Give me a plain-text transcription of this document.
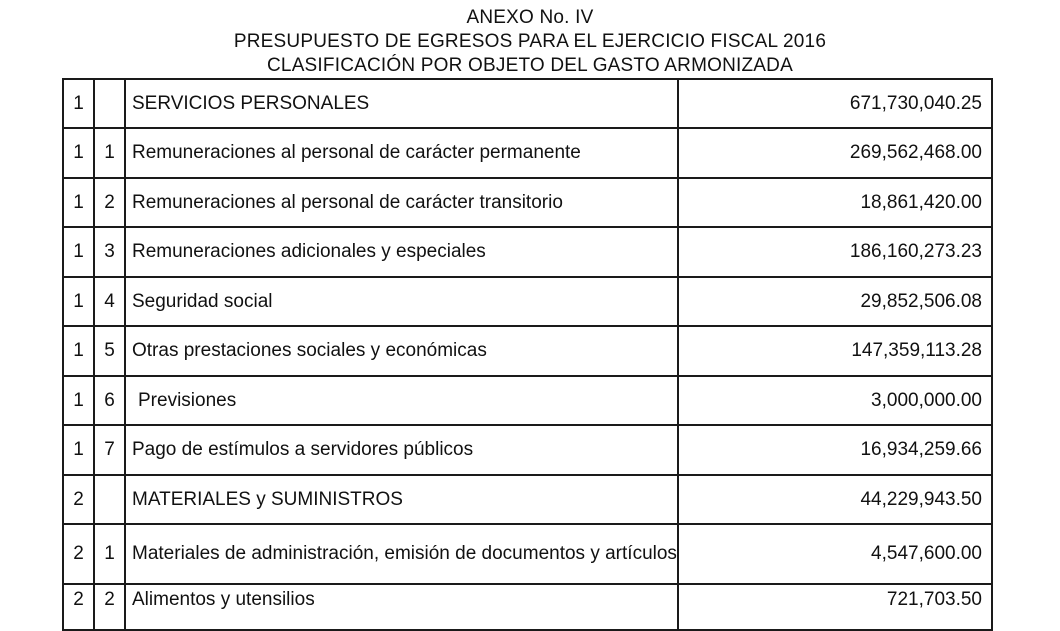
ANEXO No. IV
PRESUPUESTO DE EGRESOS PARA EL EJERCICIO FISCAL 2016
CLASIFICACIÓN POR OBJETO DEL GASTO ARMONIZADA
1		SERVICIOS PERSONALES	671,730,040.25
1	1	Remuneraciones al personal de carácter permanente	269,562,468.00
1	2	Remuneraciones al personal de carácter transitorio	18,861,420.00
1	3	Remuneraciones adicionales y especiales	186,160,273.23
1	4	Seguridad social	29,852,506.08
1	5	Otras prestaciones sociales y económicas	147,359,113.28
1	6	Previsiones	3,000,000.00
1	7	Pago de estímulos a servidores públicos	16,934,259.66
2		MATERIALES y SUMINISTROS	44,229,943.50
2	1	Materiales de administración, emisión de documentos y artículos	4,547,600.00
2	2	Alimentos y utensilios	721,703.50
